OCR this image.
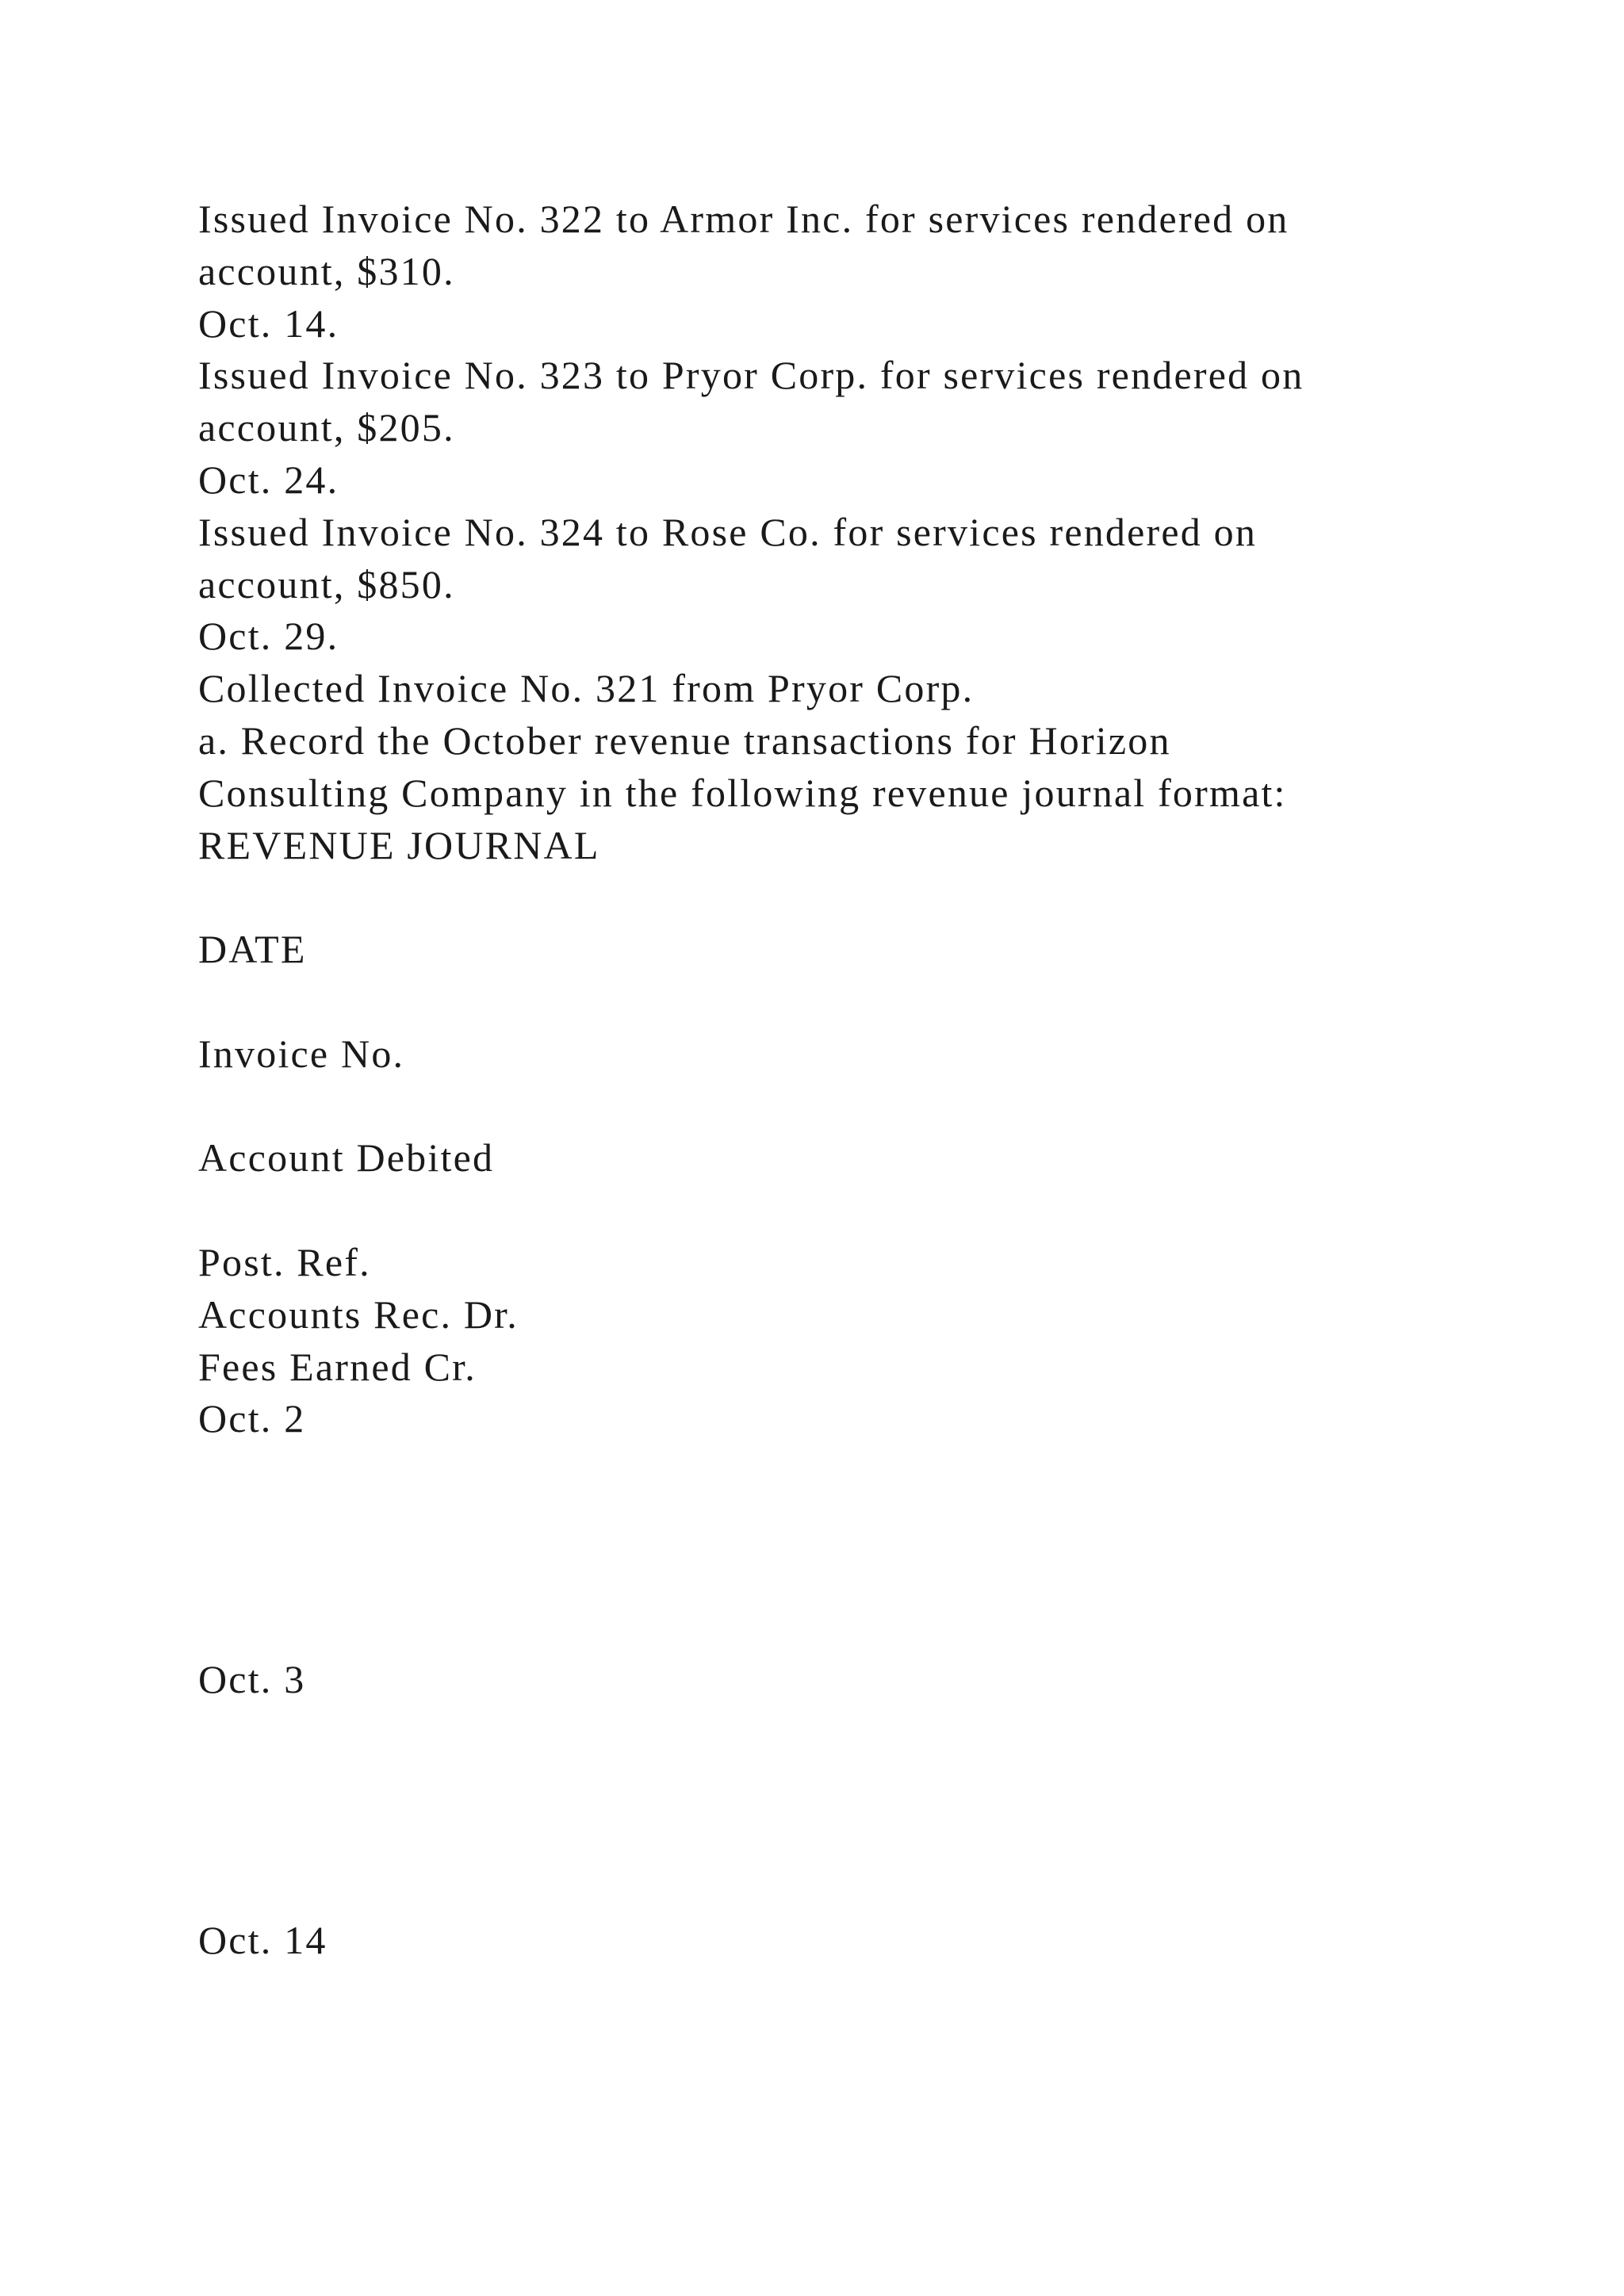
Issued Invoice No. 322 to Armor Inc. for services rendered on
account, $310.
Oct. 14.
Issued Invoice No. 323 to Pryor Corp. for services rendered on
account, $205.
Oct. 24.
Issued Invoice No. 324 to Rose Co. for services rendered on
account, $850.
Oct. 29.
Collected Invoice No. 321 from Pryor Corp.
a. Record the October revenue transactions for Horizon
Consulting Company in the following revenue journal format:
REVENUE JOURNAL
DATE
Invoice No.
Account Debited
Post. Ref.
Accounts Rec. Dr.
Fees Earned Cr.
Oct. 2
Oct. 3
Oct. 14
